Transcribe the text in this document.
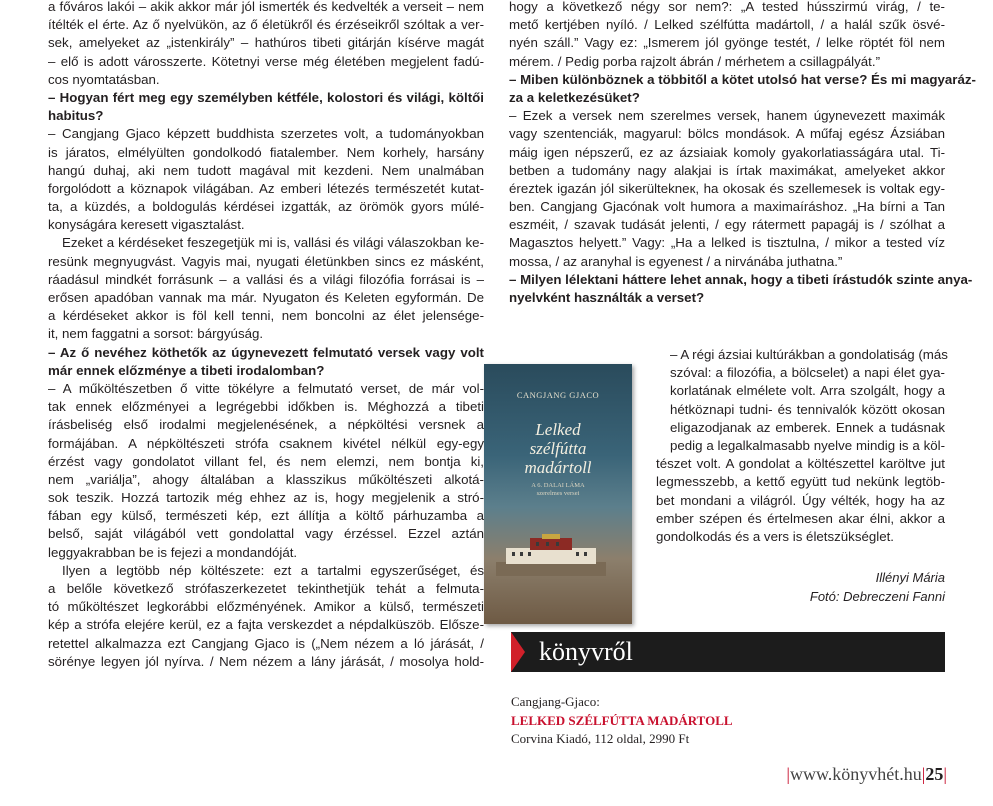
a főváros lakói – akik akkor már jól ismerték és kedvelték a verseit – nem
ítélték el érte. Az ő nyelvükön, az ő életükről és érzéseikről szóltak a ver-
sek, amelyeket az „istenkirály” – hathúros tibeti gitárján kísérve magát
– elő is adott városszerte. Kötetnyi verse még életében megjelent fadú-
cos nyomtatásban.
– Hogyan fért meg egy személyben kétféle, kolostori és világi, költői
habitus?
– Cangjang Gjaco képzett buddhista szerzetes volt, a tudományokban
is járatos, elmélyülten gondolkodó fiatalember. Nem korhely, harsány
hangú duhaj, aki nem tudott magával mit kezdeni. Nem unalmában
forgolódott a köznapok világában. Az emberi létezés természetét kutat-
ta, a küzdés, a boldogulás kérdései izgatták, az örömök gyors múlé-
konyságára keresett vigasztalást.
Ezeket a kérdéseket feszegetjük mi is, vallási és világi válaszokban ke-
resünk megnyugvást. Vagyis mai, nyugati életünkben sincs ez másként,
ráadásul mindkét forrásunk – a vallási és a világi filozófia forrásai is –
erősen apadóban vannak ma már. Nyugaton és Keleten egyformán. De
a kérdéseket akkor is föl kell tenni, nem boncolni az élet jelensége-
it, nem faggatni a sorsot: bárgyúság.
– Az ő nevéhez köthetők az úgynevezett felmutató versek vagy volt
már ennek előzménye a tibeti irodalomban?
– A műköltészetben ő vitte tökélyre a felmutató verset, de már vol-
tak ennek előzményei a legrégebbi időkben is. Méghozzá a tibeti
írásbeliség első irodalmi megjelenésének, a népköltési versnek a
formájában. A népköltészeti strófa csaknem kivétel nélkül egy-egy
érzést vagy gondolatot villant fel, és nem elemzi, nem bontja ki,
nem „variálja”, ahogy általában a klasszikus műköltészeti alkotá-
sok teszik. Hozzá tartozik még ehhez az is, hogy megjelenik a stró-
fában egy külső, természeti kép, ezt állítja a költő párhuzamba a
belső, saját világából vett gondolattal vagy érzéssel. Ezzel aztán
leggyakrabban be is fejezi a mondandóját.
Ilyen a legtöbb nép költészete: ezt a tartalmi egyszerűséget, és
a belőle következő strófaszerkezetet tekinthetjük tehát a felmuta-
tó műköltészet legkorábbi előzményének. Amikor a külső, természeti
kép a strófa elejére kerül, ez a fajta verskezdet a népdalküszöb. Előszе-
retettel alkalmazza ezt Cangjang Gjaco is („Nem nézem a ló járását, /
sörénye legyen jól nyírva. / Nem nézem a lány járását, / mosolya hold-
hogy a következő négy sor nem?: „A tested hússzirmú virág, / te-
mető kertjében nyíló. / Lelked szélfútta madártoll, / a halál szűk ösvé-
nyén száll.” Vagy ez: „Ismerem jól gyönge testét, / lelke röptét föl nem
mérem. / Pedig porba rajzolt ábrán / mérhetem a csillagpályát.”
– Miben különböznek a többitől a kötet utolsó hat verse? És mi magyaráz-
za a keletkezésüket?
– Ezek a versek nem szerelmes versek, hanem úgynevezett maximák
vagy szentenciák, magyarul: bölcs mondások. A műfaj egész Ázsiában
máig igen népszerű, ez az ázsiaiak komoly gyakorlatiasságára utal. Ti-
betben a tudomány nagy alakjai is írtak maximákat, amelyeket akkor
éreztek igazán jól sikerültekneк, ha okosak és szellemesek is voltak egy-
ben. Cangjang Gjacónak volt humora a maximaíráshoz. „Ha bírni a Tan
eszméit, / szavak tudását jelenti, / egy rátermett papagáj is / szólhat a
Magasztos helyett.” Vagy: „Ha a lelked is tisztulna, / mikor a tested víz
mossa, / az aranyhal is egyenest / a nirvánába juthatna.”
– Milyen lélektani háttere lehet annak, hogy a tibeti írástudók szinte anya-
nyelvként használták a verset?
– A régi ázsiai kultúrákban a gondolatiság (más
szóval: a filozófia, a bölcselet) a napi élet gya-
korlatának elmélete volt. Arra szolgált, hogy a
hétköznapi tudni- és tennivalók között okosan
eligazodjanak az emberek. Ennek a tudásnak
pedig a legalkalmasabb nyelve mindig is a köl-
tészet volt. A gondolat a költészettel karöltve jut
legmesszebb, a kettő együtt tud nekünk legtöb-
bet mondani a világról. Úgy vélték, hogy ha az
ember szépen és értelmesen akar élni, akkor a
gondolkodás és a vers is életszükséglet.
Illényi Mária
Fotó: Debreczeni Fanni
CANGJANG GJACO
Lelked
szélfútta
madártoll
A 6. DALAI LÁMA
szerelmes versei
könyvről
Cangjang-Gjaco:
LELKED SZÉLFÚTTA MADÁRTOLL
Corvina Kiadó, 112 oldal, 2990 Ft
|www.könyvhét.hu|25|
